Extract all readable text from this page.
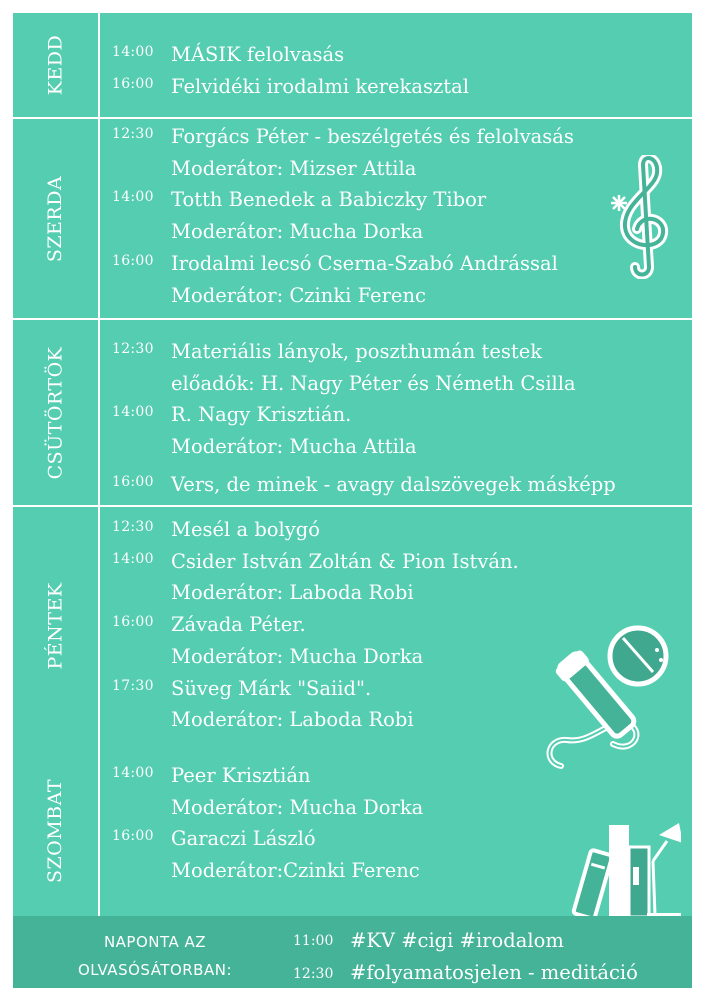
KEDD	14:00 MÁSIK felolvasás
16:00 Felvidéki irodalmi kerekasztal
SZERDA
12:30 Forgács Péter - beszélgetés és felolvasás
Moderátor: Mizser Attila
14:00 Totth Benedek a Babiczky Tibor
Moderátor: Mucha Dorka
16:00 Irodalmi lecsó Cserna-Szabó Andrással
Moderátor: Czinki Ferenc
CSÜTÖRTÖK	12:30 Materiális lányok, poszthumán testek
előadók: H. Nagy Péter és Németh Csilla
14:00 R. Nagy Krisztián.
Moderátor: Mucha Attila
16:00 Vers, de minek - avagy dalszövegek másképp
PÉNTEK
12:30 Mesél a bolygó
14:00 Csider István Zoltán & Pion István.
Moderátor: Laboda Robi
16:00 Závada Péter.
Moderátor: Mucha Dorka
17:30 Süveg Márk "Saiid".
Moderátor: Laboda Robi
SZOMBAT
14:00 Peer Krisztián
Moderátor: Mucha Dorka
16:00 Garaczi László
Moderátor:Czinki Ferenc
NAPONTA AZ
OLVASÓSÁTORBAN:
11:00 #KV #cigi #irodalom
12:30 #folyamatosjelen - meditáció
